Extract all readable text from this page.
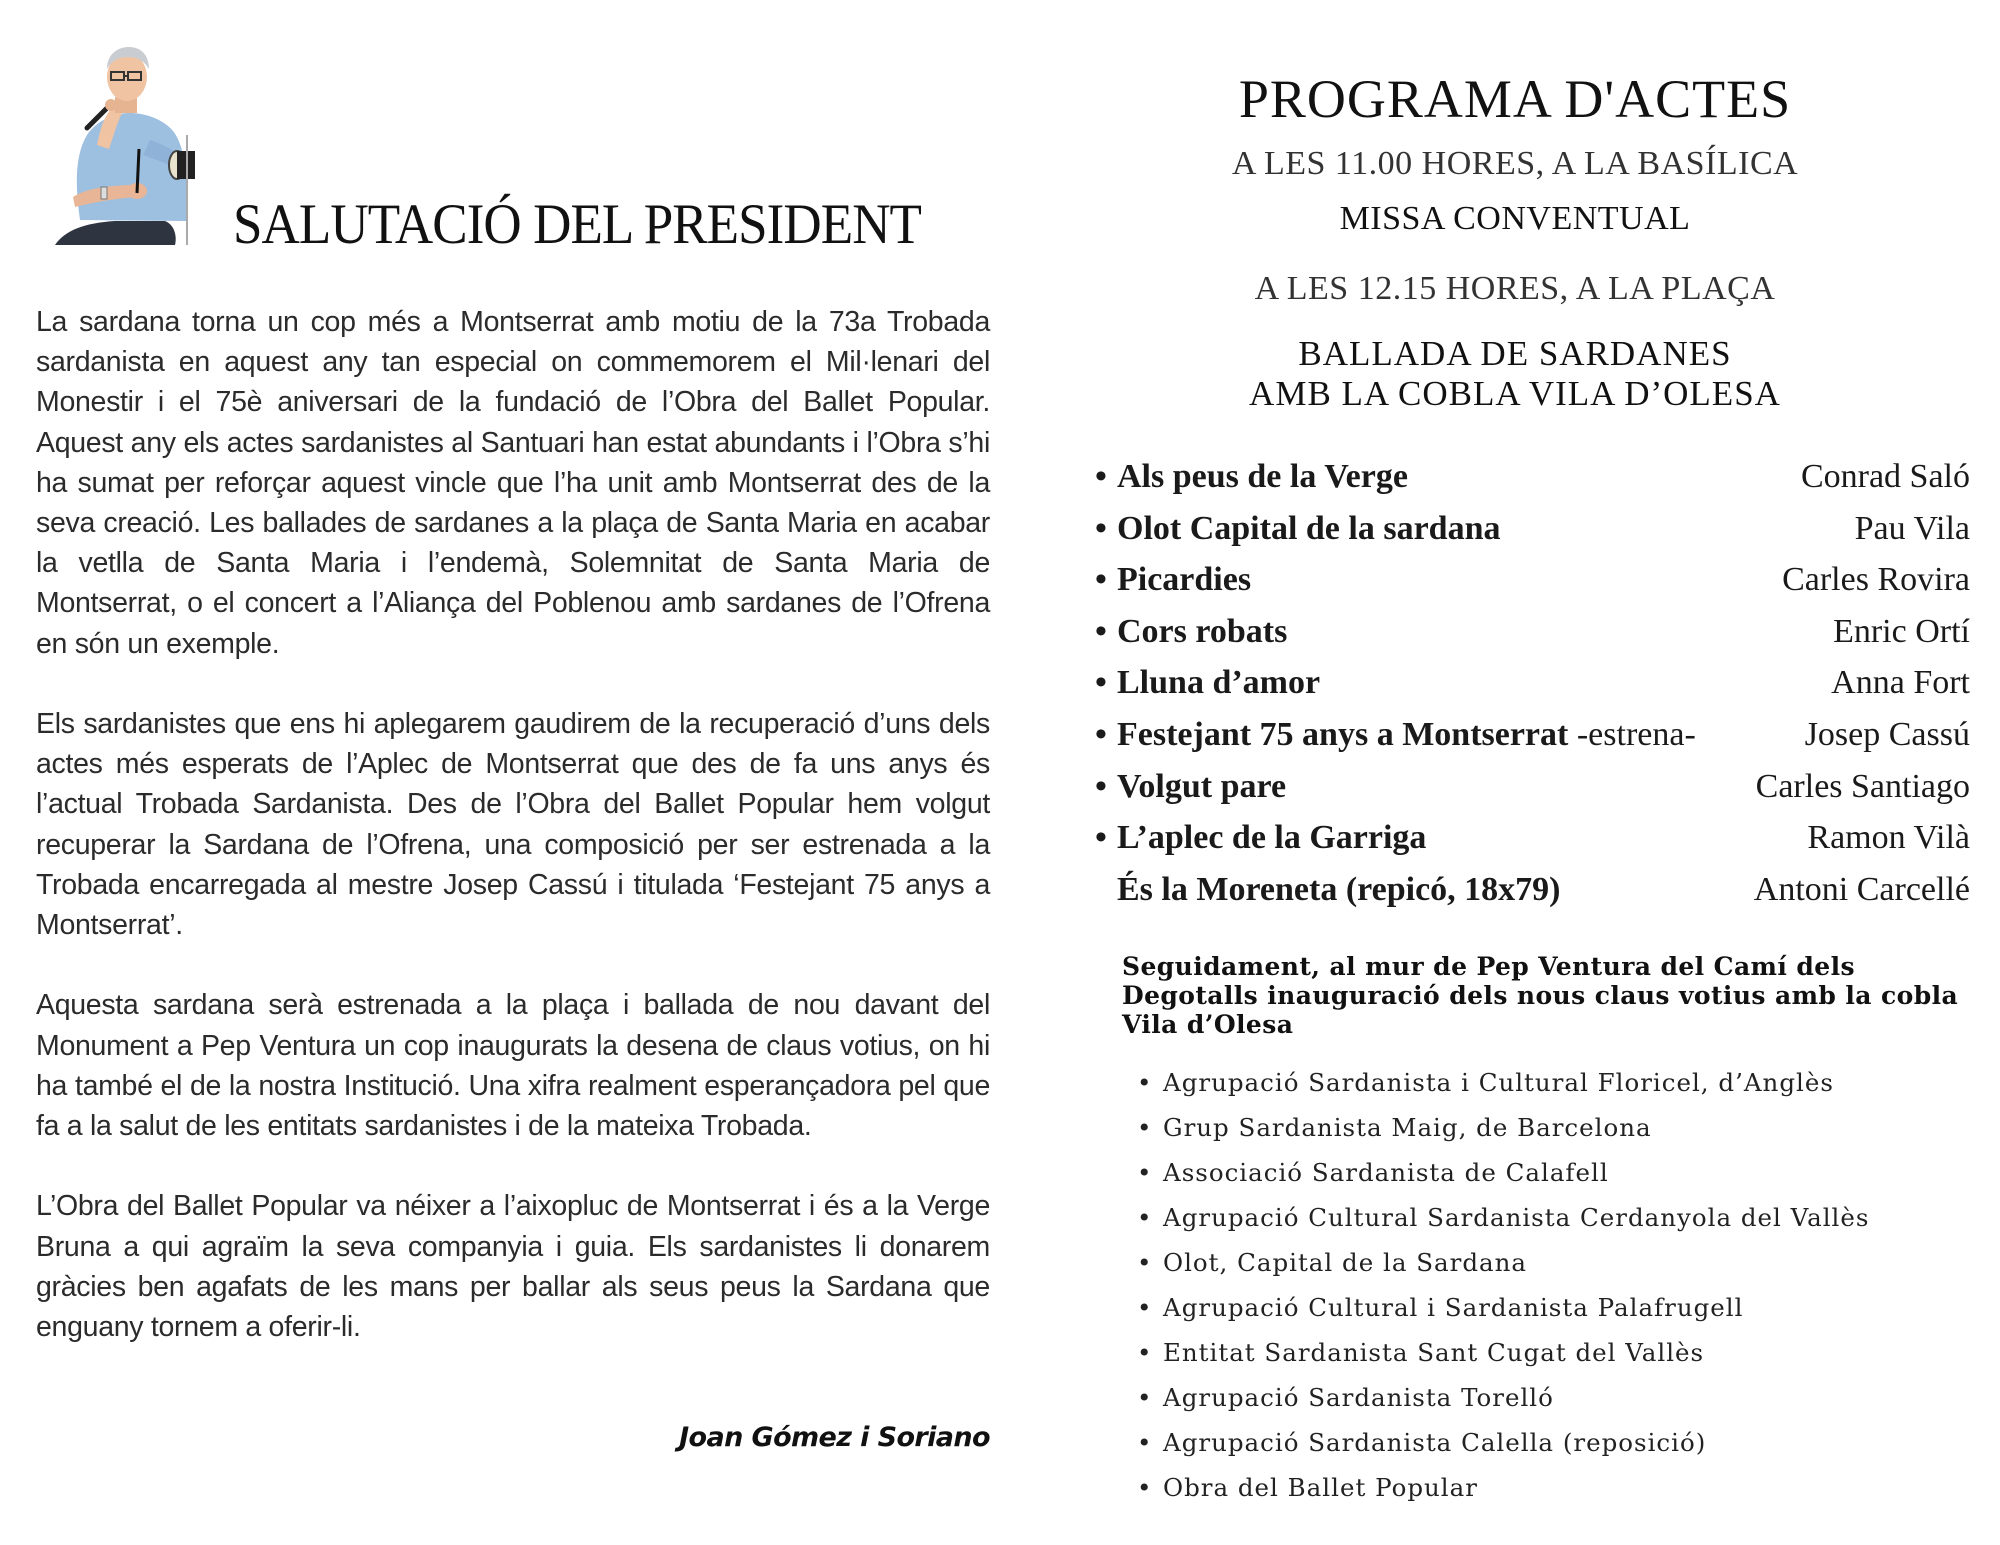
SALUTACIÓ DEL PRESIDENT

La sardana torna un cop més a Montserrat amb motiu de la 73a Trobada sardanista en aquest any tan especial on commemorem el Mil·lenari del Monestir i el 75è aniversari de la fundació de l’Obra del Ballet Popular. Aquest any els actes sardanistes al Santuari han estat abundants i l’Obra s’hi ha sumat per reforçar aquest vincle que l’ha unit amb Montserrat des de la seva creació. Les ballades de sardanes a la plaça de Santa Maria en acabar la vetlla de Santa Maria i l’endemà, Solemnitat de Santa Maria de Montserrat, o el concert a l’Aliança del Poblenou amb sardanes de l’Ofrena en són un exemple.

Els sardanistes que ens hi aplegarem gaudirem de la recuperació d’uns dels actes més esperats de l’Aplec de Montserrat que des de fa uns anys és l’actual Trobada Sardanista. Des de l’Obra del Ballet Popular hem volgut recuperar la Sardana de l’Ofrena, una composició per ser estrenada a la Trobada encarregada al mestre Josep Cassú i titulada ‘Festejant 75 anys a Montserrat’.

Aquesta sardana serà estrenada a la plaça i ballada de nou davant del Monument a Pep Ventura un cop inaugurats la desena de claus votius, on hi ha també el de la nostra Institució. Una xifra realment esperançadora pel que fa a la salut de les entitats sardanistes i de la mateixa Trobada.

L’Obra del Ballet Popular va néixer a l’aixopluc de Montserrat i és a la Verge Bruna a qui agraïm la seva companyia i guia. Els sardanistes li donarem gràcies ben agafats de les mans per ballar als seus peus la Sardana que enguany tornem a oferir-li.

Joan Gómez i Soriano
PROGRAMA D'ACTES
A LES 11.00 HORES, A LA BASÍLICA
MISSA CONVENTUAL
A LES 12.15 HORES, A LA PLAÇA
BALLADA DE SARDANES
AMB LA COBLA VILA D’OLESA
• Als peus de la Verge	Conrad Saló
• Olot Capital de la sardana	Pau Vila
• Picardies	Carles Rovira
• Cors robats	Enric Ortí
• Lluna d’amor	Anna Fort
• Festejant 75 anys a Montserrat -estrena-	Josep Cassú
• Volgut pare	Carles Santiago
• L’aplec de la Garriga	Ramon Vilà
És la Moreneta (repicó, 18x79)	Antoni Carcellé
Seguidament, al mur de Pep Ventura del Camí dels Degotalls inauguració dels nous claus votius amb la cobla Vila d’Olesa
• Agrupació Sardanista i Cultural Floricel, d’Anglès
• Grup Sardanista Maig, de Barcelona
• Associació Sardanista de Calafell
• Agrupació Cultural Sardanista Cerdanyola del Vallès
• Olot, Capital de la Sardana
• Agrupació Cultural i Sardanista Palafrugell
• Entitat Sardanista Sant Cugat del Vallès
• Agrupació Sardanista Torelló
• Agrupació Sardanista Calella (reposició)
• Obra del Ballet Popular
